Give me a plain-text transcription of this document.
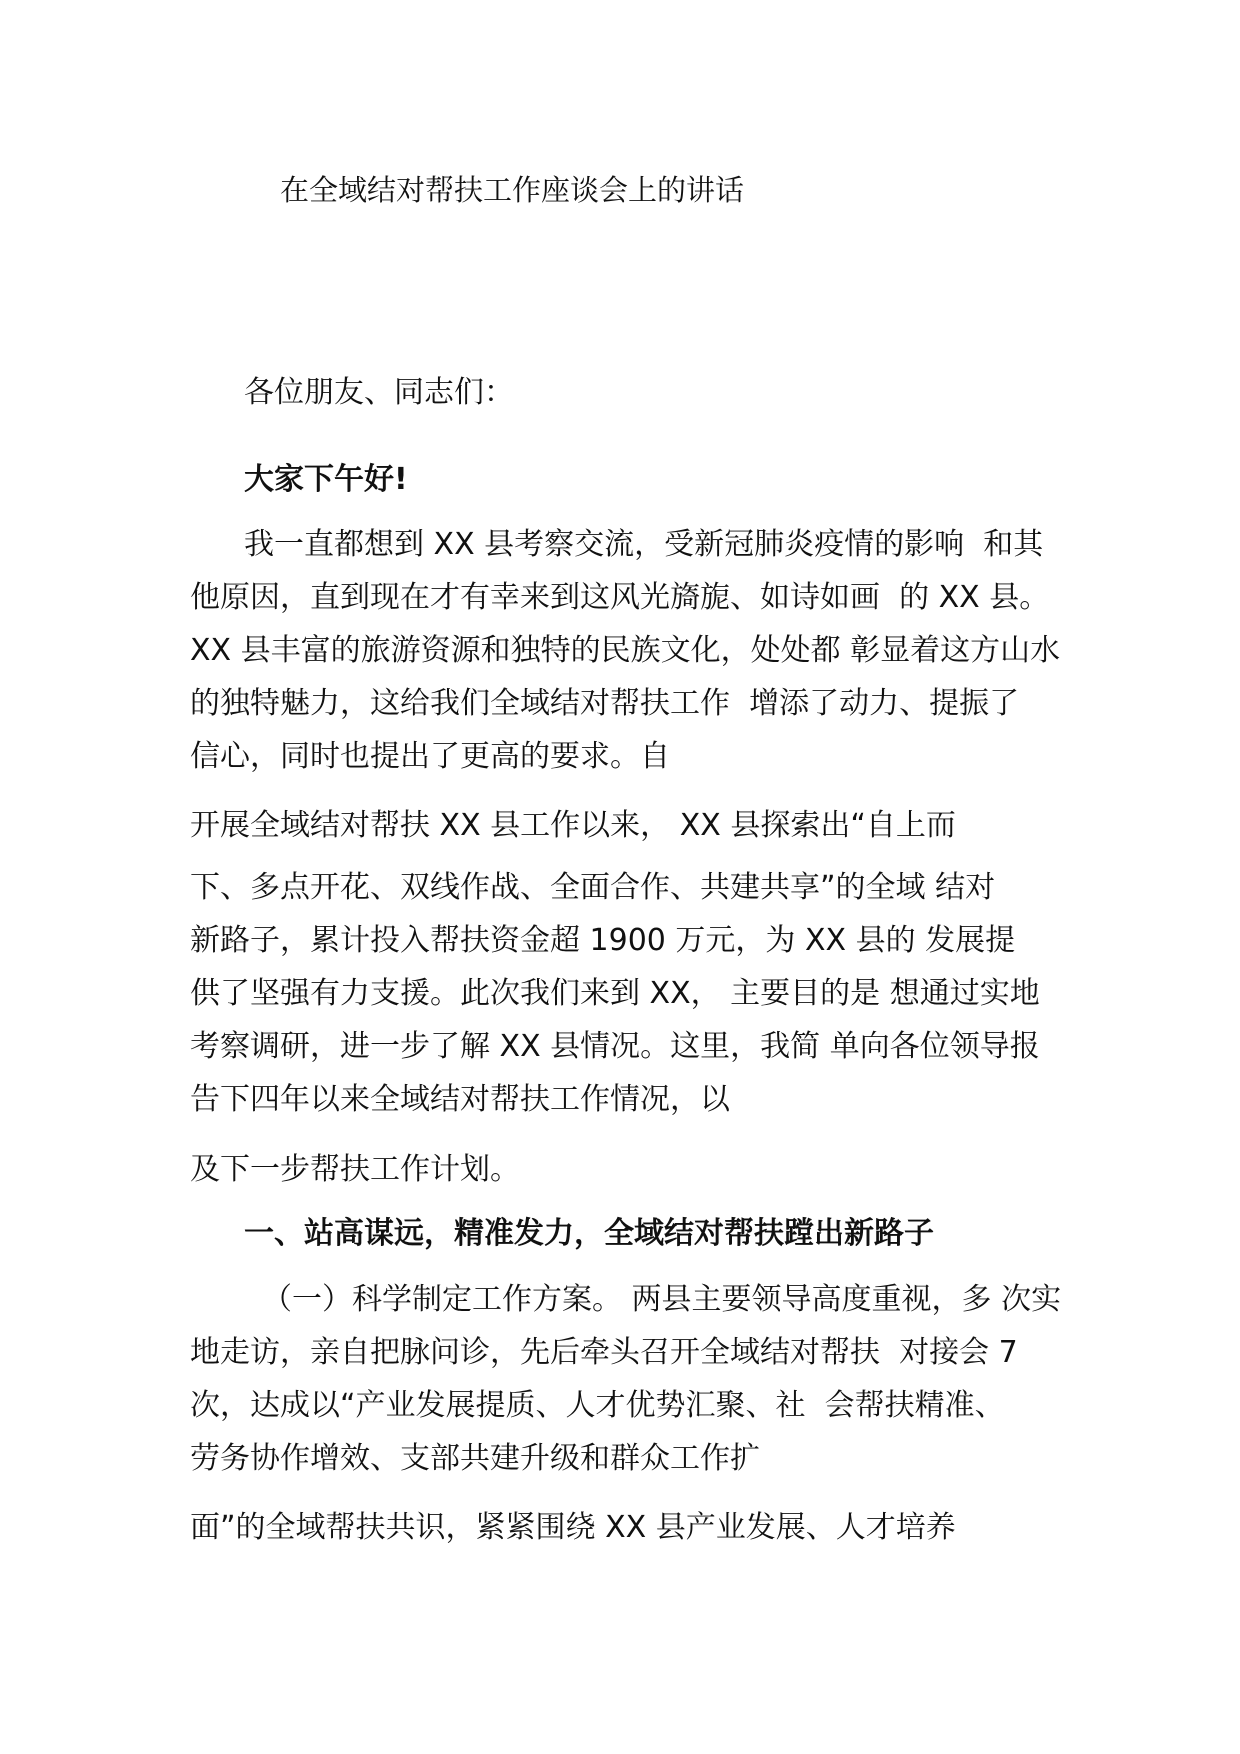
在全域结对帮扶工作座谈会上的讲话
各位朋友、同志们：
大家下午好!
我一直都想到 XX 县考察交流，受新冠肺炎疫情的影响  和其
他原因，直到现在才有幸来到这风光旖旎、如诗如画  的 XX 县。
XX 县丰富的旅游资源和独特的民族文化，处处都 彰显着这方山水
的独特魅力，这给我们全域结对帮扶工作  增添了动力、提振了
信心，同时也提出了更高的要求。自
开展全域结对帮扶 XX 县工作以来， XX 县探索出“自上而
下、多点开花、双线作战、全面合作、共建共享”的全域 结对
新路子，累计投入帮扶资金超 1900 万元，为 XX 县的 发展提
供了坚强有力支援。此次我们来到 XX， 主要目的是 想通过实地
考察调研，进一步了解 XX 县情况。这里，我简 单向各位领导报
告下四年以来全域结对帮扶工作情况，以
及下一步帮扶工作计划。
一、站高谋远，精准发力，全域结对帮扶蹚出新路子
（一）科学制定工作方案。 两县主要领导高度重视，多 次实
地走访，亲自把脉问诊，先后牵头召开全域结对帮扶  对接会 7
次，达成以“产业发展提质、人才优势汇聚、社  会帮扶精准、
劳务协作增效、支部共建升级和群众工作扩
面”的全域帮扶共识，紧紧围绕 XX 县产业发展、人才培养
